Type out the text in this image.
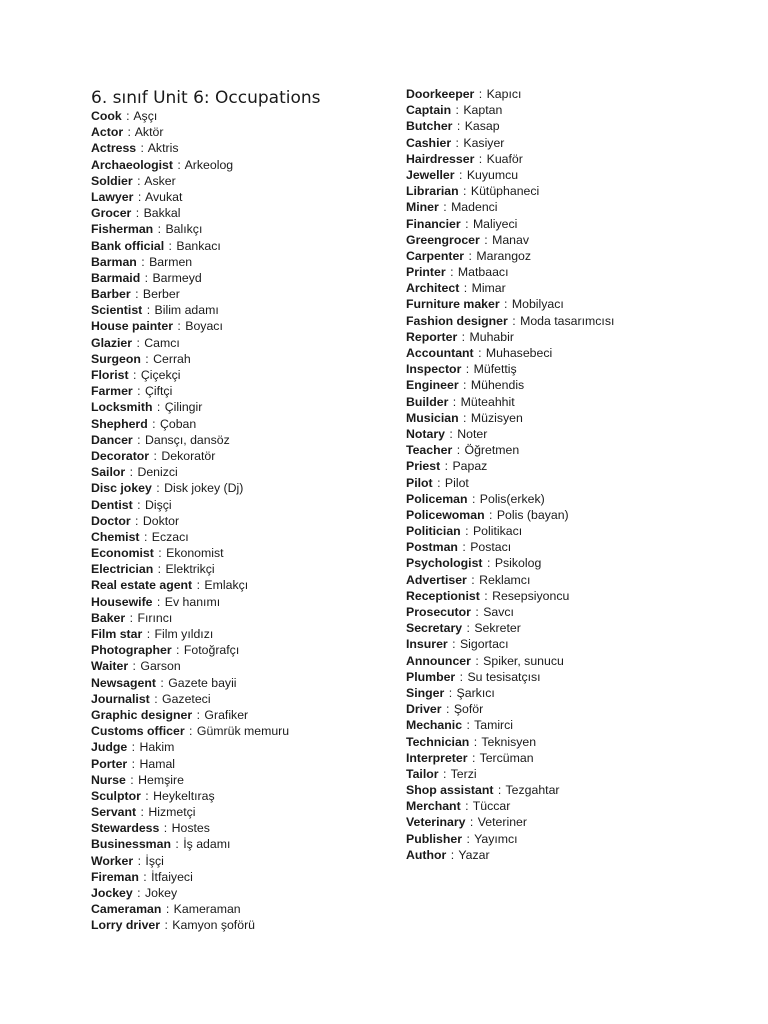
6. sınıf Unit 6: Occupations
Cook : Aşçı
Actor : Aktör
Actress : Aktris
Archaeologist : Arkeolog
Soldier : Asker
Lawyer : Avukat
Grocer : Bakkal
Fisherman : Balıkçı
Bank official : Bankacı
Barman : Barmen
Barmaid : Barmeyd
Barber : Berber
Scientist : Bilim adamı
House painter : Boyacı
Glazier : Camcı
Surgeon : Cerrah
Florist : Çiçekçi
Farmer : Çiftçi
Locksmith : Çilingir
Shepherd : Çoban
Dancer : Dansçı, dansöz
Decorator : Dekoratör
Sailor : Denizci
Disc jokey : Disk jokey (Dj)
Dentist : Dişçi
Doctor : Doktor
Chemist : Eczacı
Economist : Ekonomist
Electrician : Elektrikçi
Real estate agent : Emlakçı
Housewife : Ev hanımı
Baker : Fırıncı
Film star : Film yıldızı
Photographer : Fotoğrafçı
Waiter : Garson
Newsagent : Gazete bayii
Journalist : Gazeteci
Graphic designer : Grafiker
Customs officer : Gümrük memuru
Judge : Hakim
Porter : Hamal
Nurse : Hemşire
Sculptor : Heykeltıraş
Servant : Hizmetçi
Stewardess : Hostes
Businessman : İş adamı
Worker : İşçi
Fireman : İtfaiyeci
Jockey : Jokey
Cameraman : Kameraman
Lorry driver : Kamyon şoförü
Doorkeeper : Kapıcı
Captain : Kaptan
Butcher : Kasap
Cashier : Kasiyer
Hairdresser : Kuaför
Jeweller : Kuyumcu
Librarian : Kütüphaneci
Miner : Madenci
Financier : Maliyeci
Greengrocer : Manav
Carpenter : Marangoz
Printer : Matbaacı
Architect : Mimar
Furniture maker : Mobilyacı
Fashion designer : Moda tasarımcısı
Reporter : Muhabir
Accountant : Muhasebeci
Inspector : Müfettiş
Engineer : Mühendis
Builder : Müteahhit
Musician : Müzisyen
Notary : Noter
Teacher : Öğretmen
Priest : Papaz
Pilot : Pilot
Policeman : Polis(erkek)
Policewoman : Polis (bayan)
Politician : Politikacı
Postman : Postacı
Psychologist : Psikolog
Advertiser : Reklamcı
Receptionist : Resepsiyoncu
Prosecutor : Savcı
Secretary : Sekreter
Insurer : Sigortacı
Announcer : Spiker, sunucu
Plumber : Su tesisatçısı
Singer : Şarkıcı
Driver : Şoför
Mechanic : Tamirci
Technician : Teknisyen
Interpreter : Tercüman
Tailor : Terzi
Shop assistant : Tezgahtar
Merchant : Tüccar
Veterinary : Veteriner
Publisher : Yayımcı
Author : Yazar
